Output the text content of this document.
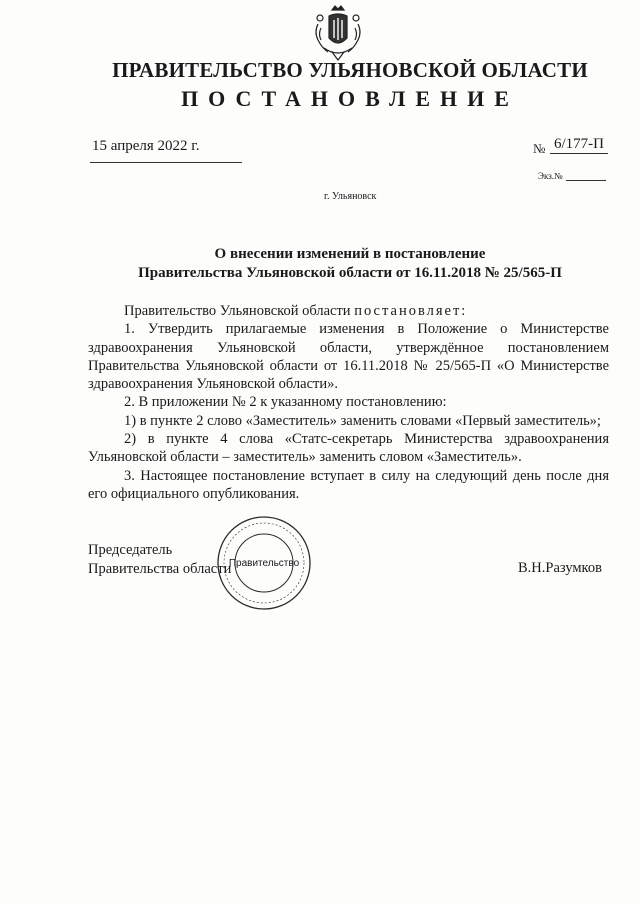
ПРАВИТЕЛЬСТВО УЛЬЯНОВСКОЙ ОБЛАСТИ
ПОСТАНОВЛЕНИЕ
15 апреля 2022 г.	№ 6/177-П
Экз.№
г. Ульяновск
О внесении изменений в постановление
Правительства Ульяновской области от 16.11.2018 № 25/565-П

Правительство Ульяновской области постановляет:

1. Утвердить прилагаемые изменения в Положение о Министерстве здравоохранения Ульяновской области, утверждённое постановлением Правительства Ульяновской области от 16.11.2018 № 25/565-П «О Министерстве здравоохранения Ульяновской области».

2. В приложении № 2 к указанному постановлению:

1) в пункте 2 слово «Заместитель» заменить словами «Первый заместитель»;

2) в пункте 4 слова «Статс-секретарь Министерства здравоохранения Ульяновской области – заместитель» заменить словом «Заместитель».

3. Настоящее постановление вступает в силу на следующий день после дня его официального опубликования.

Председатель
Правительства области
Правительство	В.Н.Разумков
